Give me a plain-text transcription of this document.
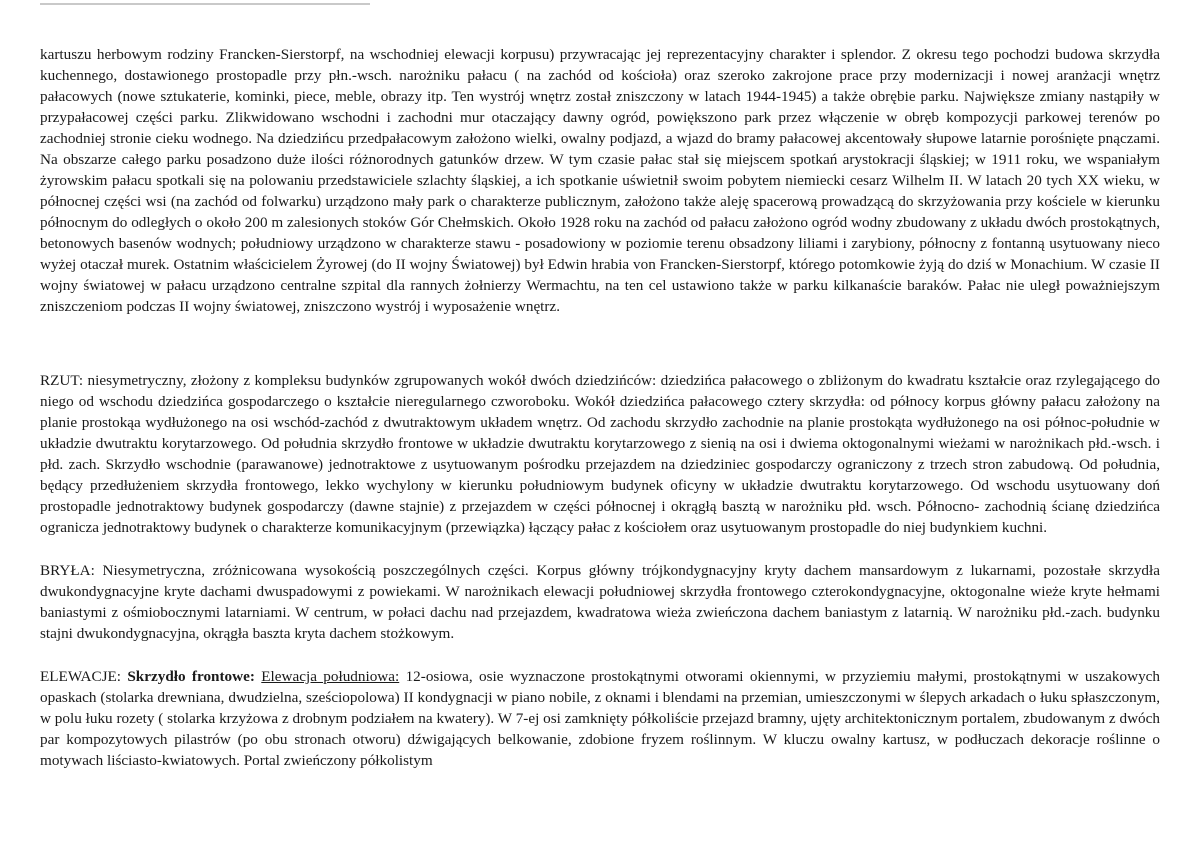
kartuszu herbowym rodziny Francken-Sierstorpf, na wschodniej elewacji korpusu) przywracając jej reprezentacyjny charakter i splendor. Z okresu tego pochodzi budowa skrzydła kuchennego, dostawionego prostopadle przy płn.-wsch. narożniku pałacu ( na zachód od kościoła) oraz szeroko zakrojone prace przy modernizacji i nowej aranżacji wnętrz pałacowych (nowe sztukaterie, kominki, piece, meble, obrazy itp. Ten wystrój wnętrz został zniszczony w latach 1944-1945) a także obrębie parku. Największe zmiany nastąpiły w przypałacowej części parku. Zlikwidowano wschodni i zachodni mur otaczający dawny ogród, powiększono park przez włączenie w obręb kompozycji parkowej terenów po zachodniej stronie cieku wodnego. Na dziedzińcu przedpałacowym założono wielki, owalny podjazd, a wjazd do bramy pałacowej akcentowały słupowe latarnie porośnięte pnączami. Na obszarze całego parku posadzono duże ilości różnorodnych gatunków drzew. W tym czasie pałac stał się miejscem spotkań arystokracji śląskiej; w 1911 roku, we wspaniałym żyrowskim pałacu spotkali się na polowaniu przedstawiciele szlachty śląskiej, a ich spotkanie uświetnił swoim pobytem niemiecki cesarz Wilhelm II. W latach 20 tych XX wieku, w północnej części wsi (na zachód od folwarku) urządzono mały park o charakterze publicznym, założono także aleję spacerową prowadzącą do skrzyżowania przy kościele w kierunku północnym do odległych o około 200 m zalesionych stoków Gór Chełmskich. Około 1928 roku na zachód od pałacu założono ogród wodny zbudowany z układu dwóch prostokątnych, betonowych basenów wodnych; południowy urządzono w charakterze stawu - posadowiony w poziomie terenu obsadzony liliami i zarybiony, północny z fontanną usytuowany nieco wyżej otaczał murek. Ostatnim właścicielem Żyrowej (do II wojny Światowej) był Edwin hrabia von Francken-Sierstorpf, którego potomkowie żyją do dziś w Monachium. W czasie II wojny światowej w pałacu urządzono centralne szpital dla rannych żołnierzy Wermachtu, na ten cel ustawiono także w parku kilkanaście baraków. Pałac nie uległ poważniejszym zniszczeniom podczas II wojny światowej, zniszczono wystrój i wyposażenie wnętrz.

RZUT: niesymetryczny, złożony z kompleksu budynków zgrupowanych wokół dwóch dziedzińców: dziedzińca pałacowego o zbliżonym do kwadratu kształcie oraz rzylegającego do niego od wschodu dziedzińca gospodarczego o kształcie nieregularnego czworoboku. Wokół dziedzińca pałacowego cztery skrzydła: od północy korpus główny pałacu założony na planie prostokąa wydłużonego na osi wschód-zachód z dwutraktowym układem wnętrz. Od zachodu skrzydło zachodnie na planie prostokąta wydłużonego na osi północ-południe w układzie dwutraktu korytarzowego. Od południa skrzydło frontowe w układzie dwutraktu korytarzowego z sienią na osi i dwiema oktogonalnymi wieżami w narożnikach płd.-wsch. i płd. zach. Skrzydło wschodnie (parawanowe) jednotraktowe z usytuowanym pośrodku przejazdem na dziedziniec gospodarczy ograniczony z trzech stron zabudową. Od południa, będący przedłużeniem skrzydła frontowego, lekko wychylony w kierunku południowym budynek oficyny w układzie dwutraktu korytarzowego. Od wschodu usytuowany doń prostopadle jednotraktowy budynek gospodarczy (dawne stajnie) z przejazdem w części północnej i okrągłą basztą w narożniku płd. wsch. Północno- zachodnią ścianę dziedzińca ogranicza jednotraktowy budynek o charakterze komunikacyjnym (przewiązka) łączący pałac z kościołem oraz usytuowanym prostopadle do niej budynkiem kuchni.

BRYŁA: Niesymetryczna, zróżnicowana wysokością poszczególnych części. Korpus główny trójkondygnacyjny kryty dachem mansardowym z lukarnami, pozostałe skrzydła dwukondygnacyjne kryte dachami dwuspadowymi z powiekami. W narożnikach elewacji południowej skrzydła frontowego czterokondygnacyjne, oktogonalne wieże kryte hełmami baniastymi z ośmiobocznymi latarniami. W centrum, w połaci dachu nad przejazdem, kwadratowa wieża zwieńczona dachem baniastym z latarnią. W narożniku płd.-zach. budynku stajni dwukondygnacyjna, okrągła baszta kryta dachem stożkowym.

ELEWACJE: Skrzydło frontowe: Elewacja południowa: 12-osiowa, osie wyznaczone prostokątnymi otworami okiennymi, w przyziemiu małymi, prostokątnymi w uszakowych opaskach (stolarka drewniana, dwudzielna, sześciopolowa) II kondygnacji w piano nobile, z oknami i blendami na przemian, umieszczonymi w ślepych arkadach o łuku spłaszczonym, w polu łuku rozety ( stolarka krzyżowa z drobnym podziałem na kwatery). W 7-ej osi zamknięty półkoliście przejazd bramny, ujęty architektonicznym portalem, zbudowanym z dwóch par kompozytowych pilastrów (po obu stronach otworu) dźwigających belkowanie, zdobione fryzem roślinnym. W kluczu owalny kartusz, w podłuczach dekoracje roślinne o motywach liściasto-kwiatowych. Portal zwieńczony półkolistym
